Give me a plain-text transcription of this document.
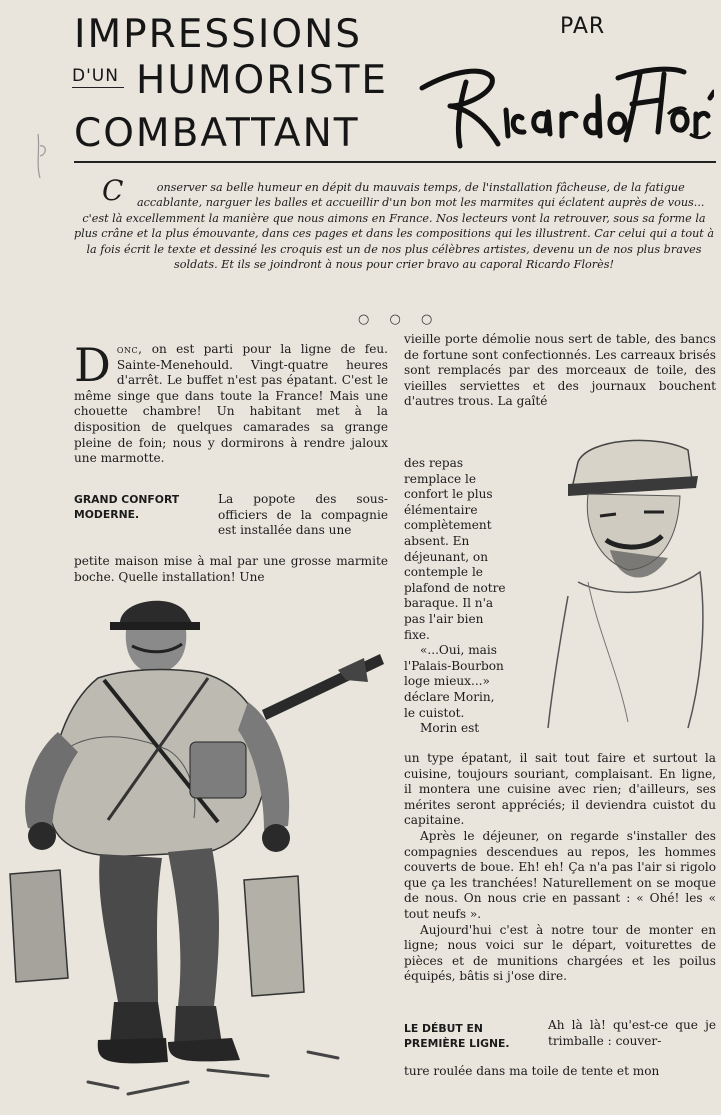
IMPRESSIONS
D'UN HUMORISTE
COMBATTANT
PAR
C	onserver sa belle humeur en dépit du mauvais temps, de l'installation fâcheuse, de la fatigue accablante, narguer les balles et accueillir d'un bon mot les marmites qui éclatent auprès de vous... c'est là excellemment la manière que nous aimons en France. Nos lecteurs vont la retrouver, sous sa forme la plus crâne et la plus émouvante, dans ces pages et dans les compositions qui les illustrent. Car celui qui a tout à la fois écrit le texte et dessiné les croquis est un de nos plus célèbres artistes, devenu un de nos plus braves soldats. Et ils se joindront à nous pour crier bravo au caporal Ricardo Florès!
○ ○ ○

Donc, on est parti pour la ligne de feu. Sainte-Menehould. Vingt-quatre heures d'arrêt. Le buffet n'est pas épatant. C'est le même singe que dans toute la France! Mais une chouette chambre! Un habitant met à la disposition de quelques camarades sa grange pleine de foin; nous y dormirons à rendre jaloux une marmotte.

GRAND CONFORT MODERNE.

La popote des sous-officiers de la compagnie est installée dans une

petite maison mise à mal par une grosse marmite boche. Quelle installation! Une

vieille porte démolie nous sert de table, des bancs de fortune sont confectionnés. Les carreaux brisés sont remplacés par des morceaux de toile, des vieilles serviettes et des journaux bouchent d'autres trous. La gaîté

des repas remplace le confort le plus élémentaire complètement absent. En déjeunant, on contemple le plafond de notre baraque. Il n'a pas l'air bien fixe.

«...Oui, mais l'Palais-Bourbon loge mieux...» déclare Morin, le cuistot.

Morin est

un type épatant, il sait tout faire et surtout la cuisine, toujours souriant, complaisant. En ligne, il montera une cuisine avec rien; d'ailleurs, ses mérites seront appréciés; il deviendra cuistot du capitaine.

Après le déjeuner, on regarde s'installer des compagnies descendues au repos, les hommes couverts de boue. Eh! eh! Ça n'a pas l'air si rigolo que ça les tranchées! Naturellement on se moque de nous. On nous crie en passant : « Ohé! les « tout neufs ».

Aujourd'hui c'est à notre tour de monter en ligne; nous voici sur le départ, voiturettes de pièces et de munitions chargées et les poilus équipés, bâtis si j'ose dire.

LE DÉBUT EN PREMIÈRE LIGNE.

Ah là là! qu'est-ce que je trimballe : couver-

ture roulée dans ma toile de tente et mon
